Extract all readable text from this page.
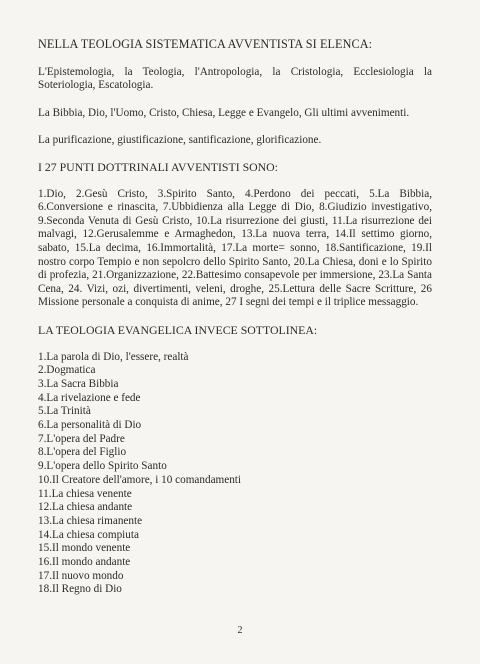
NELLA TEOLOGIA SISTEMATICA AVVENTISTA SI ELENCA:

L'Epistemologia, la Teologia, l'Antropologia, la Cristologia, Ecclesiologia la Soteriologia, Escatologia.

La Bibbia, Dio, l'Uomo, Cristo, Chiesa, Legge e Evangelo, Gli ultimi avvenimenti.

La purificazione, giustificazione, santificazione, glorificazione.

I 27 PUNTI DOTTRINALI AVVENTISTI SONO:

1.Dio, 2.Gesù Cristo, 3.Spirito Santo, 4.Perdono dei peccati, 5.La Bibbia, 6.Conversione e rinascita, 7.Ubbidienza alla Legge di Dio, 8.Giudizio investigativo, 9.Seconda Venuta di Gesù Cristo, 10.La risurrezione dei giusti, 11.La risurrezione dei malvagi, 12.Gerusalemme e Armaghedon, 13.La nuova terra, 14.Il settimo giorno, sabato, 15.La decima, 16.Immortalità, 17.La morte= sonno, 18.Santificazione, 19.Il nostro corpo Tempio e non sepolcro dello Spirito Santo, 20.La Chiesa, doni e lo Spirito di profezia, 21.Organizzazione, 22.Battesimo consapevole per immersione, 23.La Santa Cena, 24. Vizi, ozi, divertimenti, veleni, droghe, 25.Lettura delle Sacre Scritture, 26 Missione personale a conquista di anime, 27 I segni dei tempi e il triplice messaggio.

LA TEOLOGIA EVANGELICA INVECE SOTTOLINEA:
1.La parola di Dio, l'essere, realtà
2.Dogmatica
3.La Sacra Bibbia
4.La rivelazione e fede
5.La Trinità
6.La personalità di Dio
7.L'opera del Padre
8.L'opera del Figlio
9.L'opera dello Spirito Santo
10.Il Creatore dell'amore, i 10 comandamenti
11.La chiesa venente
12.La chiesa andante
13.La chiesa rimanente
14.La chiesa compiuta
15.Il mondo venente
16.Il mondo andante
17.Il nuovo mondo
18.Il Regno di Dio
2
